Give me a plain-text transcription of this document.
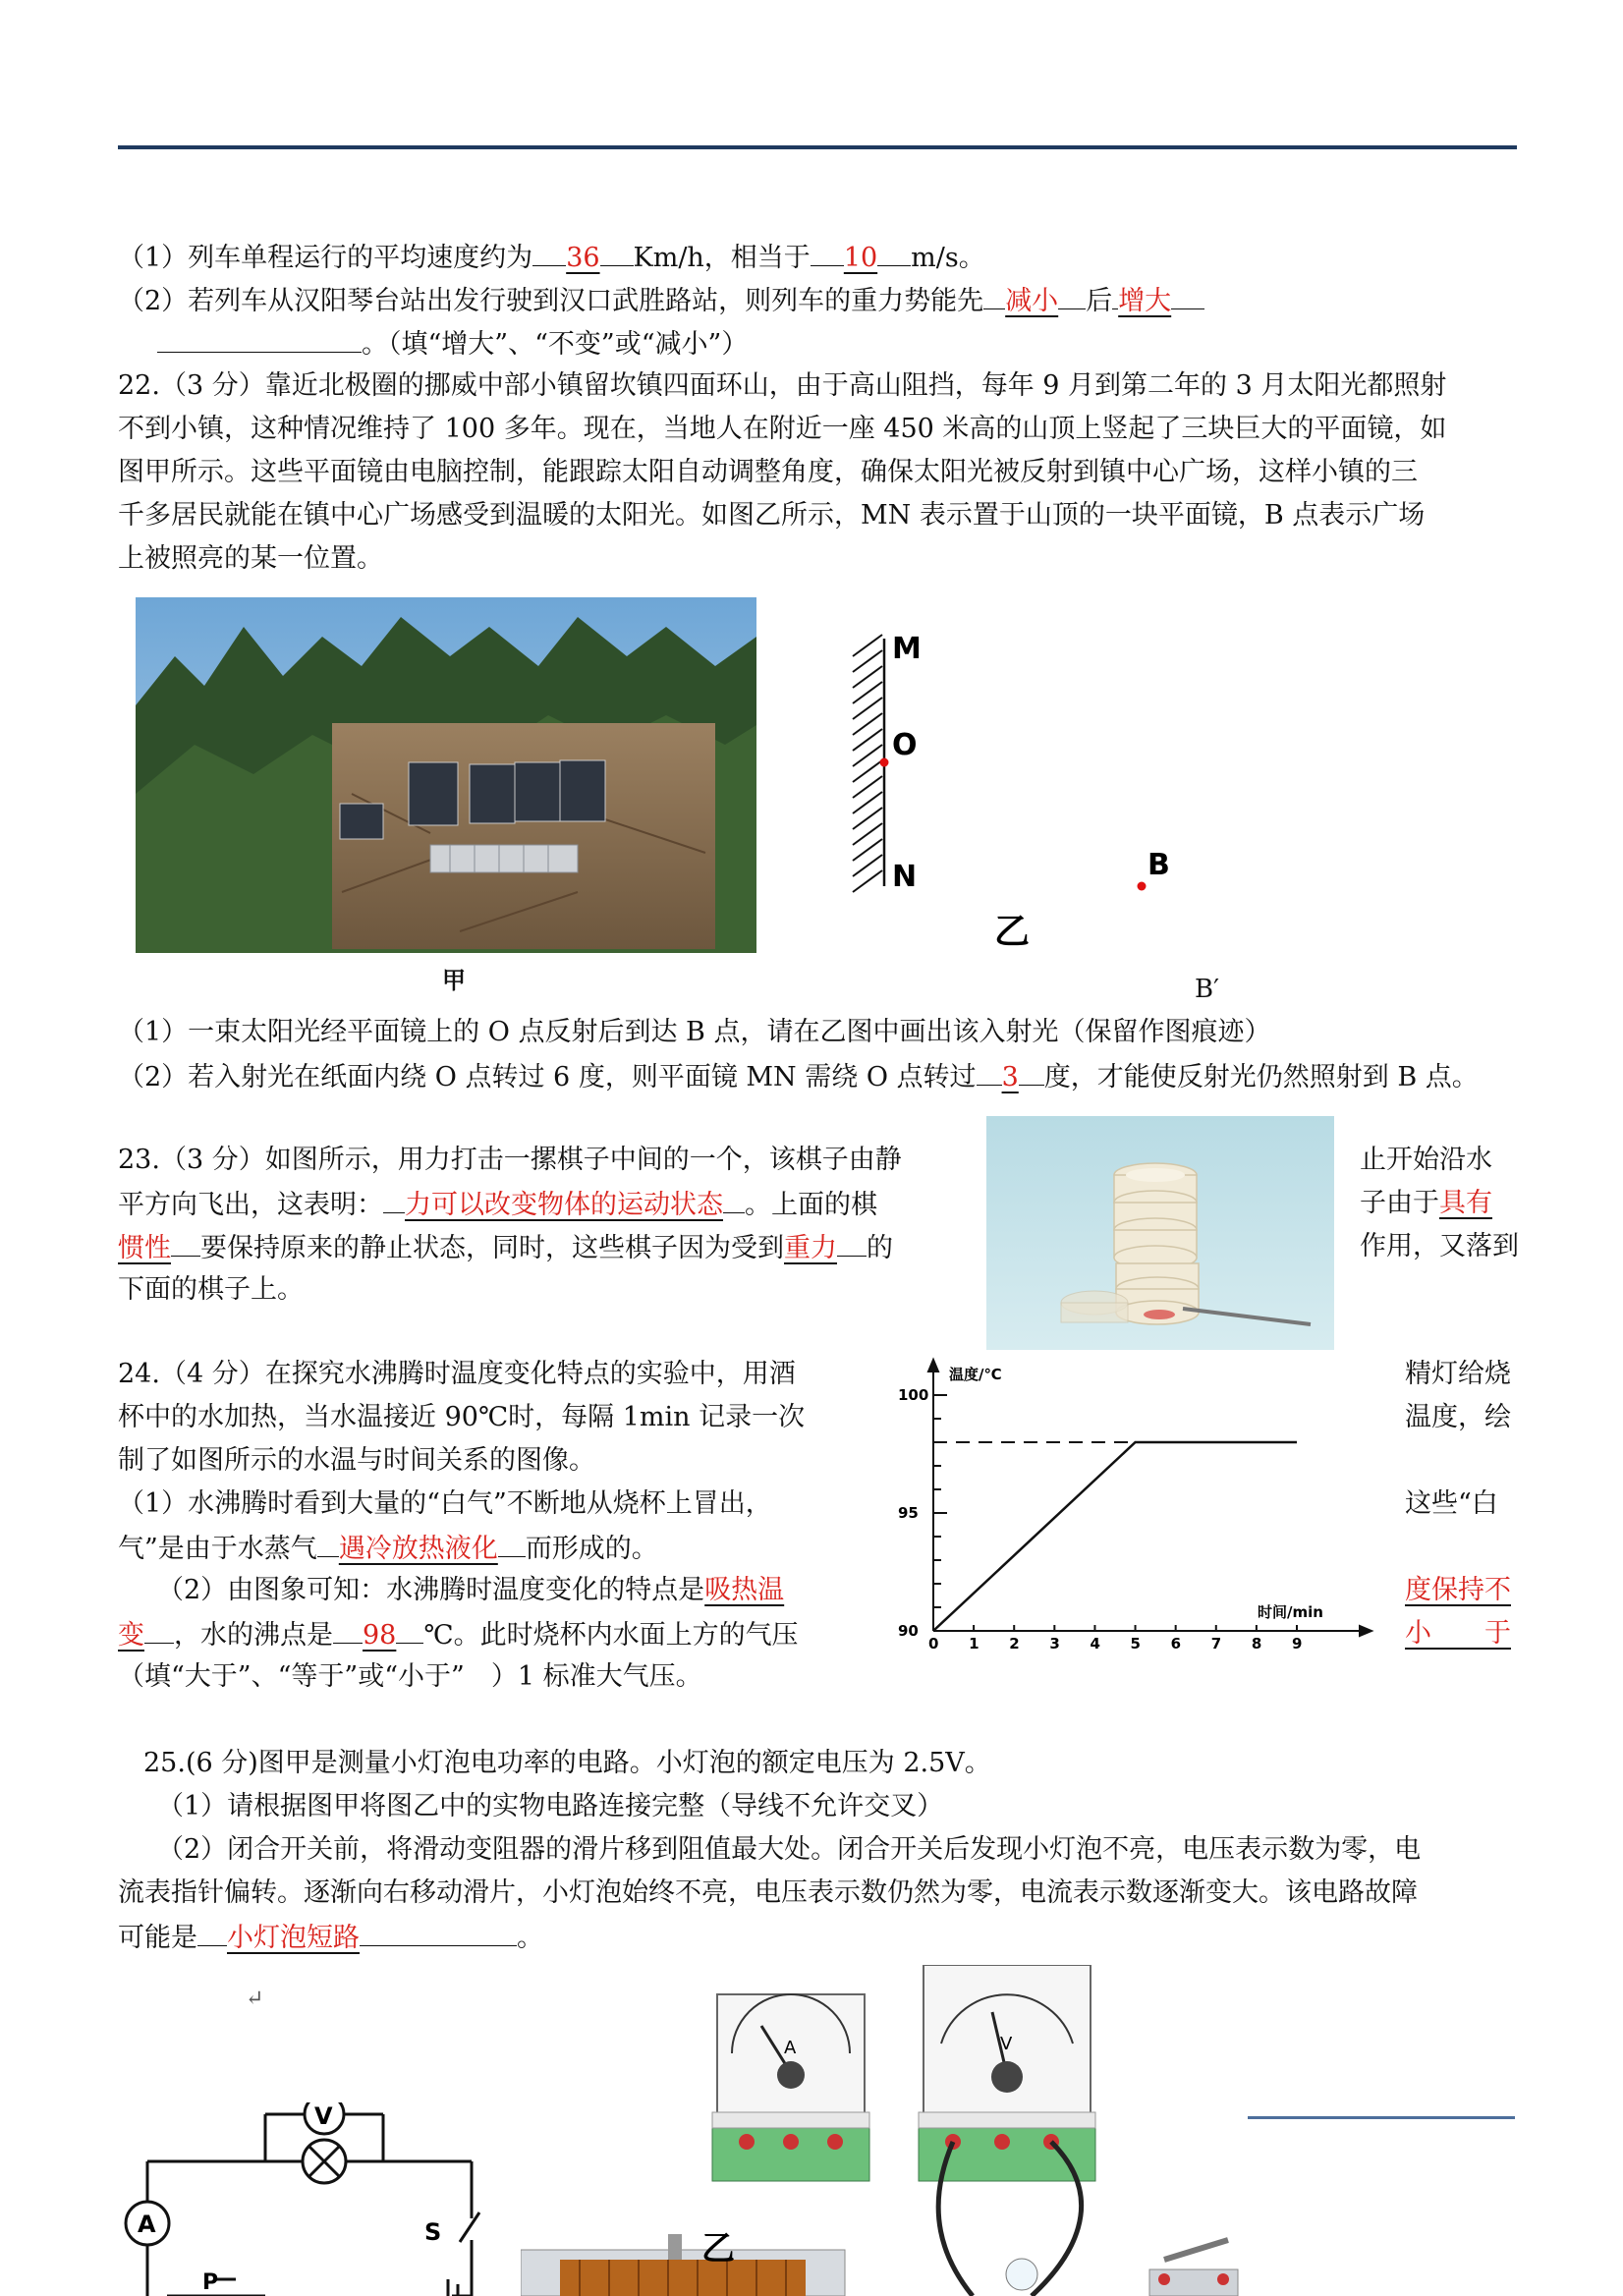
（1）列车单程运行的平均速度约为 36 Km/h，相当于 10 m/s。
（2）若列车从汉阳琴台站出发行驶到汉口武胜路站，则列车的重力势能先 减小 后 增大
。（填“增大”、“不变”或“减小”）
22.（3 分）靠近北极圈的挪威中部小镇留坎镇四面环山，由于高山阻挡，每年 9 月到第二年的 3 月太阳光都照射
不到小镇，这种情况维持了 100 多年。现在，当地人在附近一座 450 米高的山顶上竖起了三块巨大的平面镜，如
图甲所示。这些平面镜由电脑控制，能跟踪太阳自动调整角度，确保太阳光被反射到镇中心广场，这样小镇的三
千多居民就能在镇中心广场感受到温暖的太阳光。如图乙所示，MN 表示置于山顶的一块平面镜，B 点表示广场
上被照亮的某一位置。
甲
M
O
N	B
乙
B′
（1）一束太阳光经平面镜上的 O 点反射后到达 B 点，请在乙图中画出该入射光（保留作图痕迹）
（2）若入射光在纸面内绕 O 点转过 6 度，则平面镜 MN 需绕 O 点转过 3 度，才能使反射光仍然照射到 B 点。
23.（3 分）如图所示，用力打击一摞棋子中间的一个，该棋子由静	止开始沿水
平方向飞出，这表明： 力可以改变物体的运动状态 。上面的棋	子由于具有
惯性 要保持原来的静止状态，同时，这些棋子因为受到重力 的	作用，又落到
下面的棋子上。
24.（4 分）在探究水沸腾时温度变化特点的实验中，用酒	精灯给烧
杯中的水加热，当水温接近 90℃时，每隔 1min 记录一次	温度，绘
制了如图所示的水温与时间关系的图像。
（1）水沸腾时看到大量的“白气”不断地从烧杯上冒出，	这些“白
气”是由于水蒸气 遇冷放热液化 而形成的。
（2）由图象可知：水沸腾时温度变化的特点是吸热温	度保持不
变 ，水的沸点是 98 ℃。此时烧杯内水面上方的气压	小　　于
（填“大于”、“等于”或“小于”　）1 标准大气压。
90
95
100
0 1 2 3 4 5 6 7 8 9
温度/℃
时间/min
25.(6 分)图甲是测量小灯泡电功率的电路。小灯泡的额定电压为 2.5V。
（1）请根据图甲将图乙中的实物电路连接完整（导线不允许交叉）
（2）闭合开关前，将滑动变阻器的滑片移到阻值最大处。闭合开关后发现小灯泡不亮，电压表示数为零，电
流表指针偏转。逐渐向右移动滑片，小灯泡始终不亮，电压表示数仍然为零，电流表示数逐渐变大。该电路故障
可能是 小灯泡短路	。
V
A	S
P
↵
A	V
乙
